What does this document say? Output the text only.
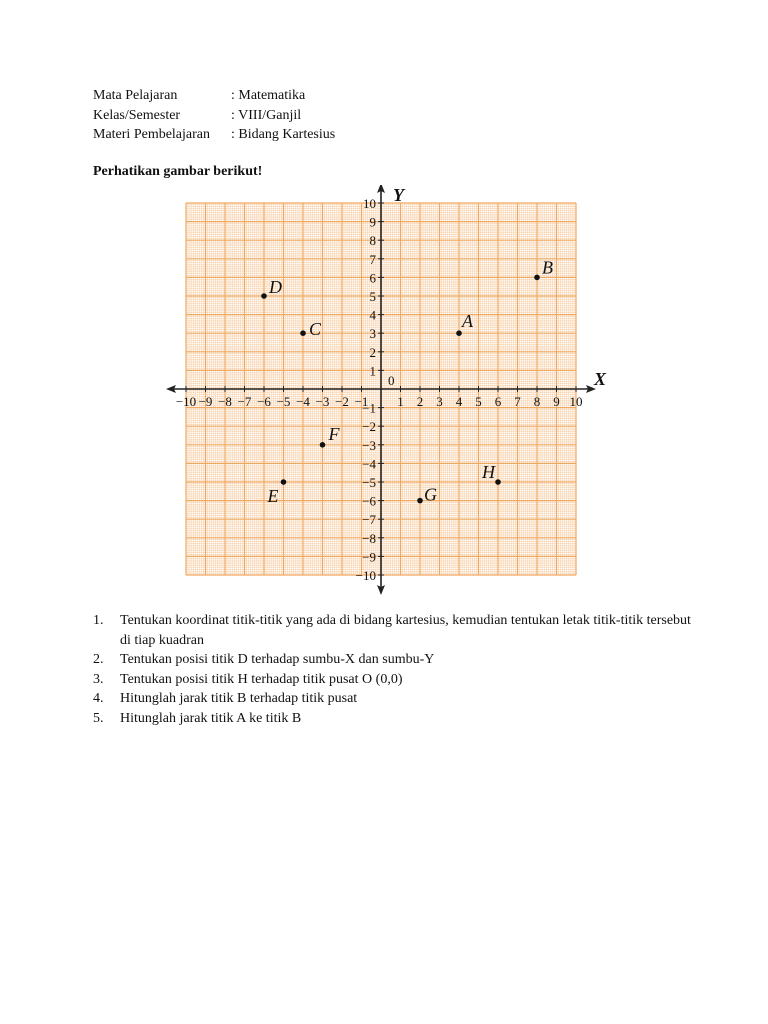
Mata Pelajaran	: Matematika
Kelas/Semester	: VIII/Ganjil
Materi Pembelajaran	: Bidang Kartesius
Perhatikan gambar berikut!
−10 −9 −8 −7 −6 −5 −4 −3 −2 −1 1 2 3 4 5 6 7 8 9 10
−10
−9
−8
−7
−6
−5
−4
−3
−2
−1
1
2
3
4
5
6
7
8
9
10
0	X
Y
A
B
C
D
E
F
G
H
1.	Tentukan koordinat titik-titik yang ada di bidang kartesius, kemudian tentukan letak titik-titik tersebut di tiap kuadran
2.	Tentukan posisi titik D terhadap sumbu-X dan sumbu-Y
3.	Tentukan posisi titik H terhadap titik pusat O (0,0)
4.	Hitunglah jarak titik B terhadap titik pusat
5.	Hitunglah jarak titik A ke titik B
